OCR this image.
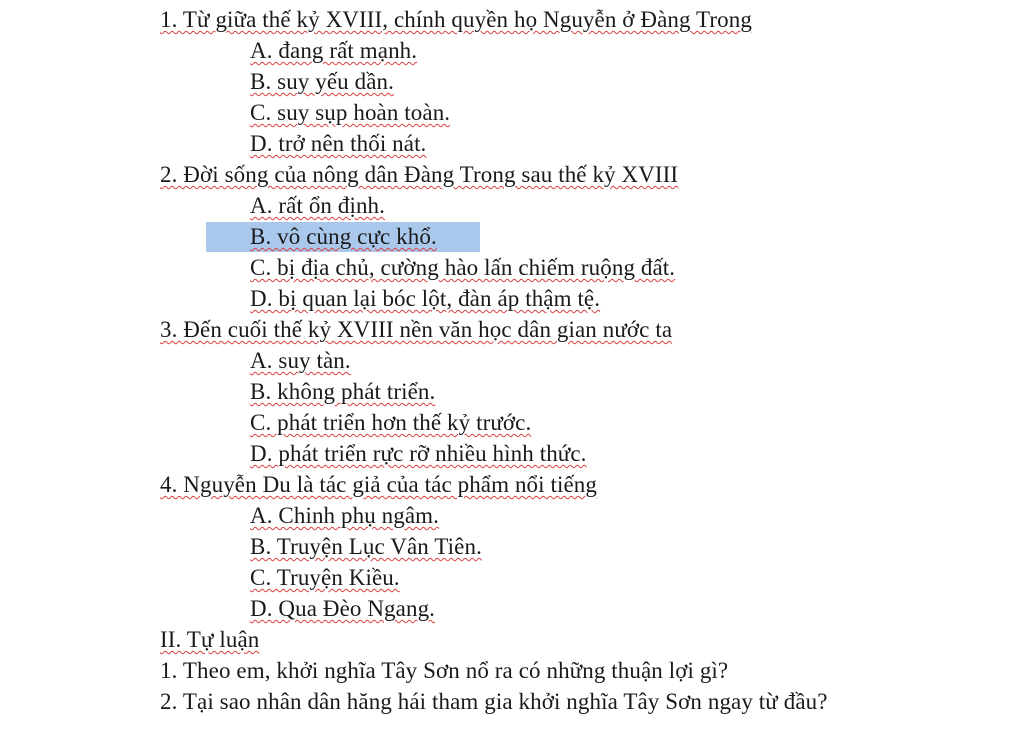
1. Từ giữa thế kỷ XVIII, chính quyền họ Nguyễn ở Đàng Trong
A. đang rất mạnh.
B. suy yếu dần.
C. suy sụp hoàn toàn.
D. trở nên thối nát.
2. Đời sống của nông dân Đàng Trong sau thế kỷ XVIII
A. rất ổn định.
B. vô cùng cực khổ.
C. bị địa chủ, cường hào lấn chiếm ruộng đất.
D. bị quan lại bóc lột, đàn áp thậm tệ.
3. Đến cuối thế kỷ XVIII nền văn học dân gian nước ta
A. suy tàn.
B. không phát triển.
C. phát triển hơn thế kỷ trước.
D. phát triển rực rỡ nhiều hình thức.
4. Nguyễn Du là tác giả của tác phẩm nổi tiếng
A. Chinh phụ ngâm.
B. Truyện Lục Vân Tiên.
C. Truyện Kiều.
D. Qua Đèo Ngang.
II. Tự luận
1. Theo em, khởi nghĩa Tây Sơn nổ ra có những thuận lợi gì?
2. Tại sao nhân dân hăng hái tham gia khởi nghĩa Tây Sơn ngay từ đầu?
